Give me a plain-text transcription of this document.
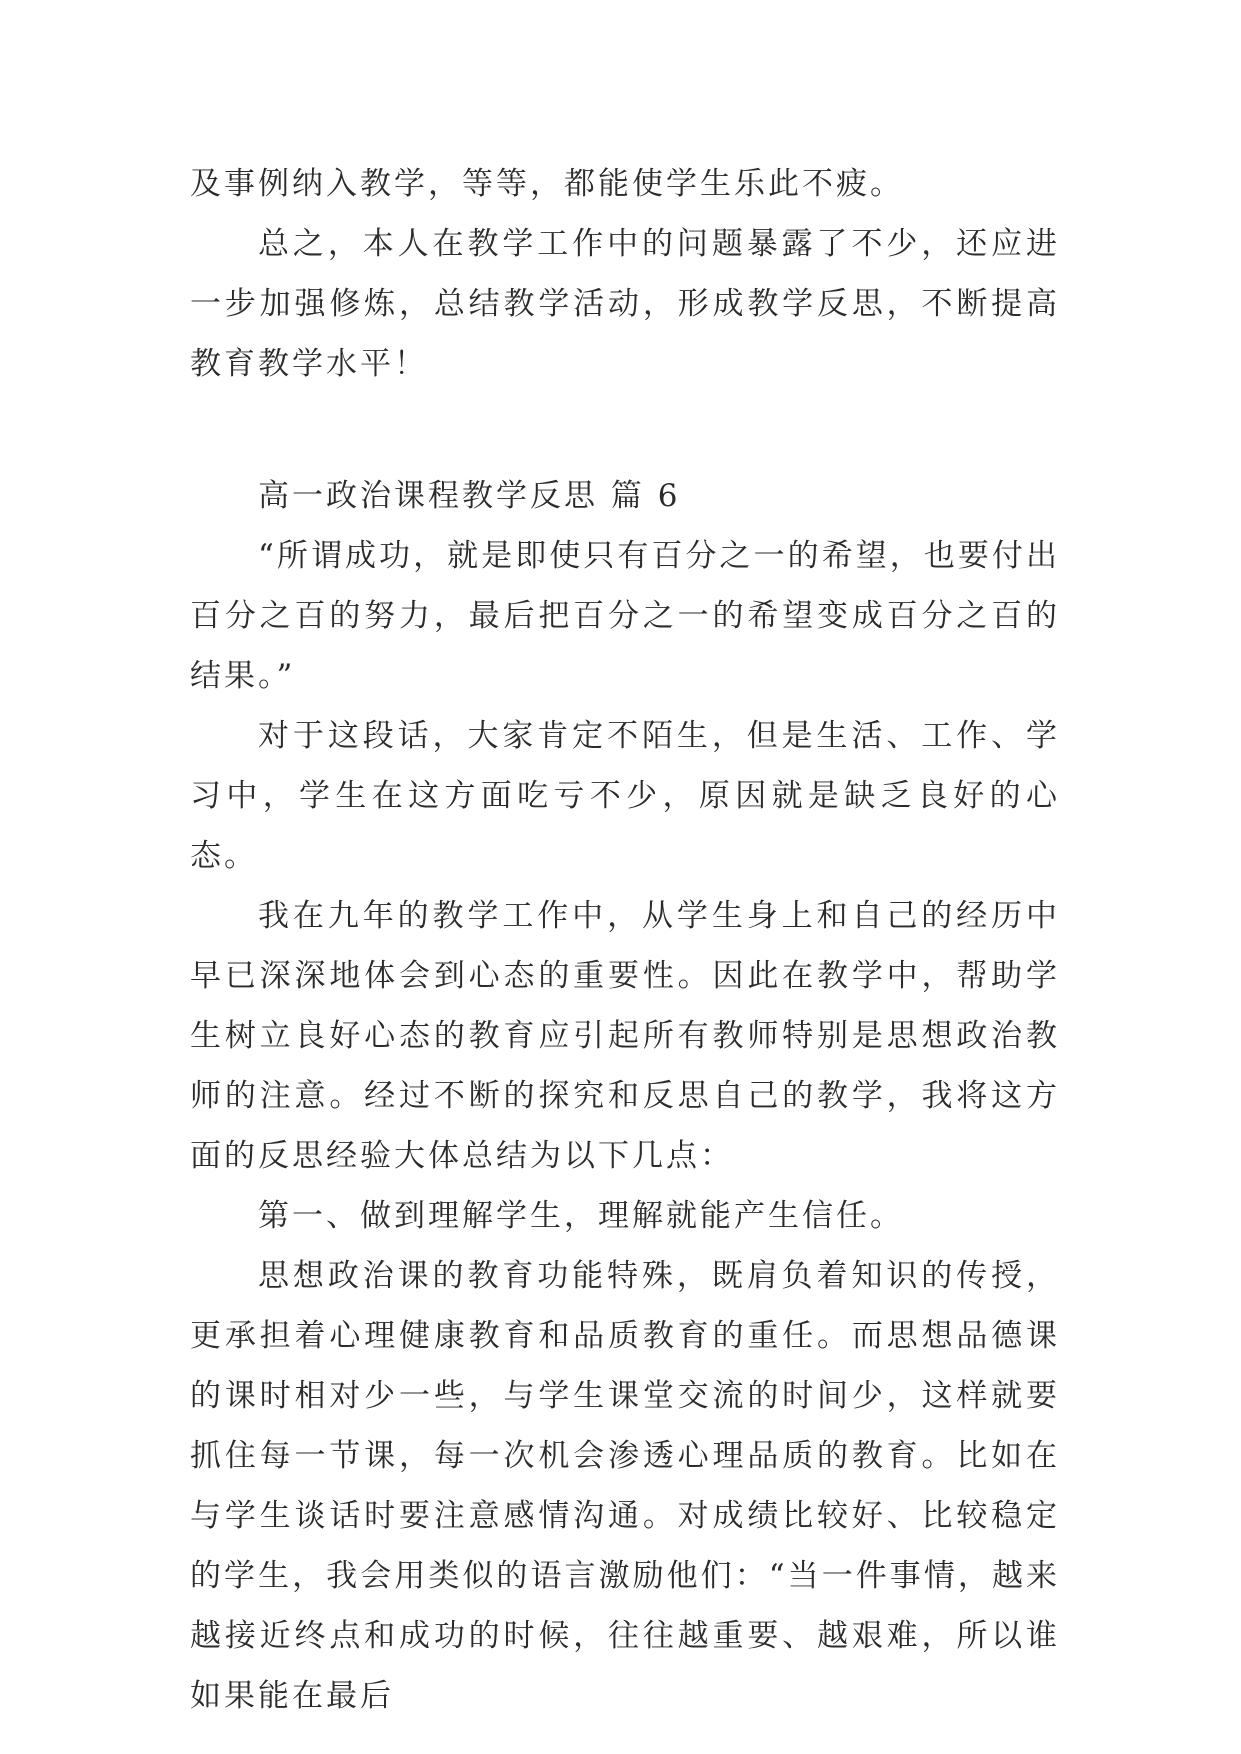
及事例纳入教学，等等，都能使学生乐此不疲。

总之，本人在教学工作中的问题暴露了不少，还应进一步加强修炼，总结教学活动，形成教学反思，不断提高教育教学水平！

高一政治课程教学反思 篇 6

“所谓成功，就是即使只有百分之一的希望，也要付出百分之百的努力，最后把百分之一的希望变成百分之百的结果。”

对于这段话，大家肯定不陌生，但是生活、工作、学习中，学生在这方面吃亏不少，原因就是缺乏良好的心态。

我在九年的教学工作中，从学生身上和自己的经历中早已深深地体会到心态的重要性。因此在教学中，帮助学生树立良好心态的教育应引起所有教师特别是思想政治教师的注意。经过不断的探究和反思自己的教学，我将这方面的反思经验大体总结为以下几点：

第一、做到理解学生，理解就能产生信任。

思想政治课的教育功能特殊，既肩负着知识的传授，更承担着心理健康教育和品质教育的重任。而思想品德课的课时相对少一些，与学生课堂交流的时间少，这样就要抓住每一节课，每一次机会渗透心理品质的教育。比如在与学生谈话时要注意感情沟通。对成绩比较好、比较稳定的学生，我会用类似的语言激励他们：“当一件事情，越来越接近终点和成功的时候，往往越重要、越艰难，所以谁如果能在最后
